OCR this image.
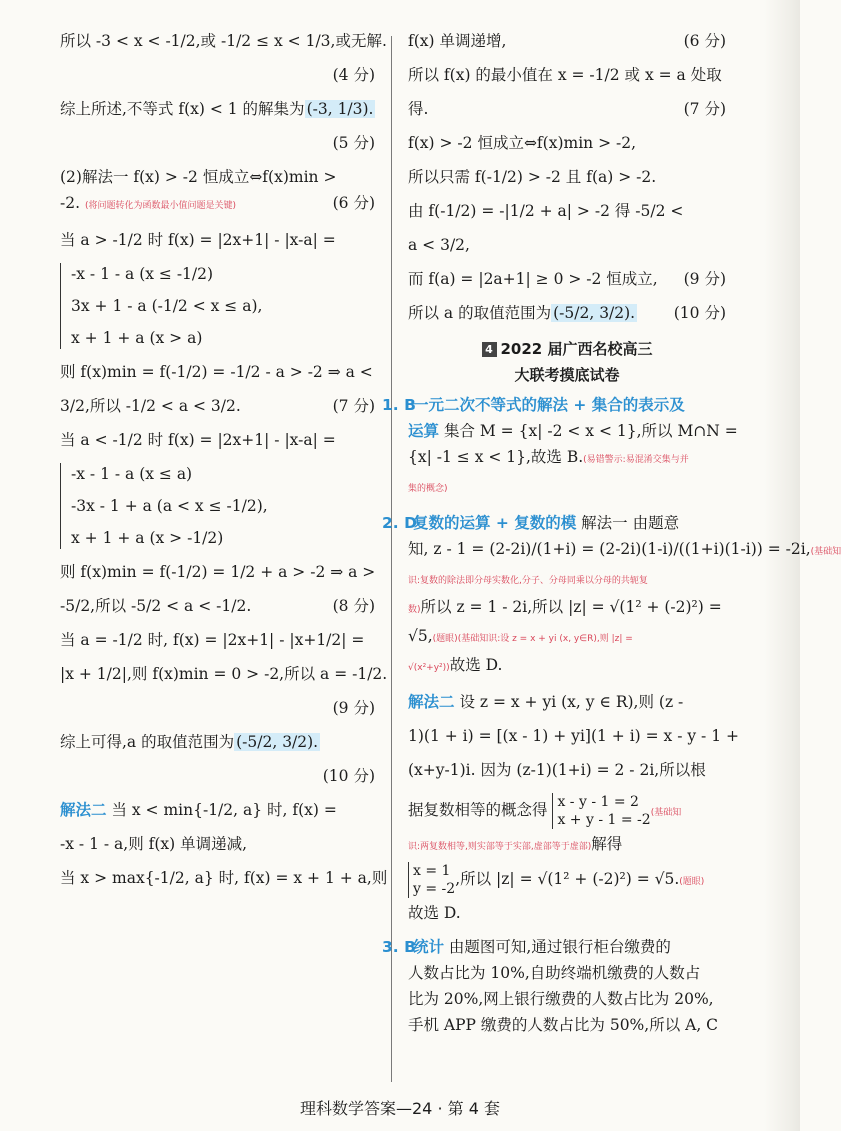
所以 -3 < x < -1/2,或 -1/2 ≤ x < 1/3,或无解.
(4 分)
综上所述,不等式 f(x) < 1 的解集为 (-3, 1/3).
(5 分)
(2)解法一 f(x) > -2 恒成立⇔f(x)min >
-2. (将问题转化为函数最小值问题是关键)	(6 分)
当 a > -1/2 时 f(x) = |2x+1| - |x-a| =
-x - 1 - a (x ≤ -1/2)
3x + 1 - a (-1/2 < x ≤ a),
x + 1 + a (x > a)
则 f(x)min = f(-1/2) = -1/2 - a > -2 ⇒ a <
3/2,所以 -1/2 < a < 3/2.	(7 分)
当 a < -1/2 时 f(x) = |2x+1| - |x-a| =
-x - 1 - a (x ≤ a)
-3x - 1 + a (a < x ≤ -1/2),
x + 1 + a (x > -1/2)
则 f(x)min = f(-1/2) = 1/2 + a > -2 ⇒ a >
-5/2,所以 -5/2 < a < -1/2.	(8 分)
当 a = -1/2 时, f(x) = |2x+1| - |x+1/2| =
|x + 1/2|,则 f(x)min = 0 > -2,所以 a = -1/2.
(9 分)
综上可得,a 的取值范围为 (-5/2, 3/2).
(10 分)
解法二 当 x < min{-1/2, a} 时, f(x) =
-x - 1 - a,则 f(x) 单调递减,
当 x > max{-1/2, a} 时, f(x) = x + 1 + a,则
f(x) 单调递增,	(6 分)
所以 f(x) 的最小值在 x = -1/2 或 x = a 处取
得.	(7 分)
f(x) > -2 恒成立⇔f(x)min > -2,
所以只需 f(-1/2) > -2 且 f(a) > -2.
由 f(-1/2) = -|1/2 + a| > -2 得 -5/2 <
a < 3/2,
而 f(a) = |2a+1| ≥ 0 > -2 恒成立, (9 分)
所以 a 的取值范围为 (-5/2, 3/2). (10 分)
4 2022 届广西名校高三
大联考摸底试卷
1. B 一元二次不等式的解法 + 集合的表示及
运算 集合 M = {x| -2 < x < 1},所以 M∩N =
{x| -1 ≤ x < 1},故选 B.(易错警示:易混淆交集与并
集的概念)
2. D 复数的运算 + 复数的模 解法一 由题意
知, z - 1 = (2-2i)/(1+i) = (2-2i)(1-i)/((1+i)(1-i)) = -2i,(基础知
识:复数的除法即分母实数化,分子、分母同乘以分母的共轭复
数)所以 z = 1 - 2i,所以 |z| = √(1² + (-2)²) =
√5,(题眼)(基础知识:设 z = x + yi (x, y∈R),则 |z| =
√(x²+y²))故选 D.
解法二 设 z = x + yi (x, y ∈ R),则 (z -
1)(1 + i) = [(x - 1) + yi](1 + i) = x - y - 1 +
(x+y-1)i. 因为 (z-1)(1+i) = 2 - 2i,所以根
据复数相等的概念得 x - y - 1 = 2
x + y - 1 = -2(基础知
识:两复数相等,则实部等于实部,虚部等于虚部)解得
x = 1
y = -2,所以 |z| = √(1² + (-2)²) = √5.(题眼)
故选 D.
3. B 统计 由题图可知,通过银行柜台缴费的
人数占比为 10%,自助终端机缴费的人数占
比为 20%,网上银行缴费的人数占比为 20%,
手机 APP 缴费的人数占比为 50%,所以 A, C
理科数学答案—24 · 第 4 套
